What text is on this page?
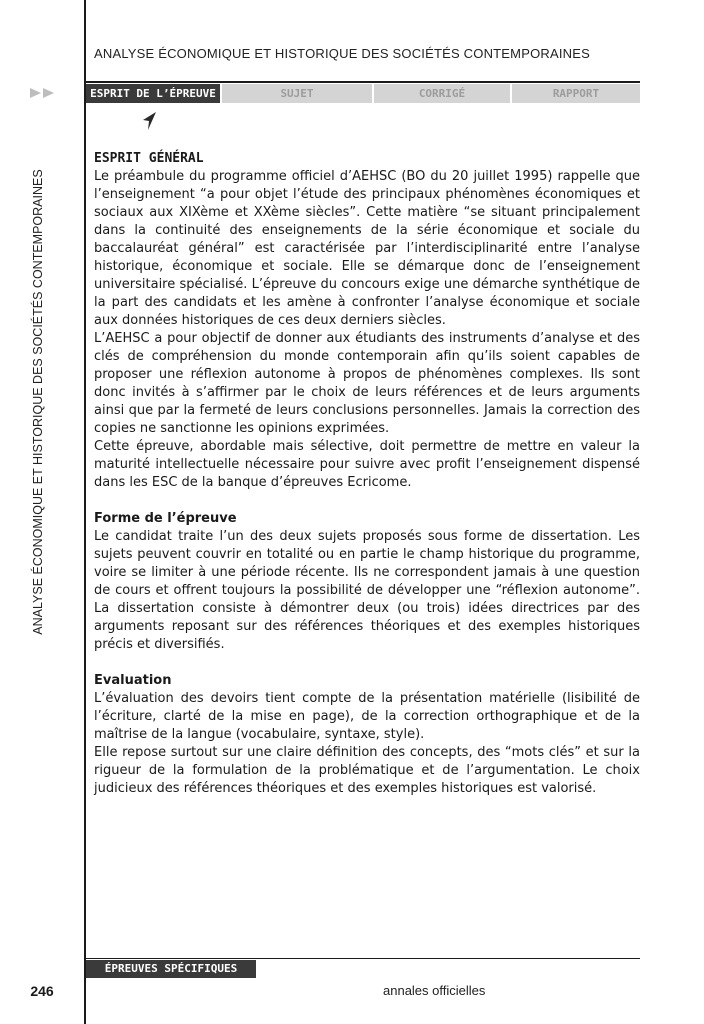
ANALYSE ÉCONOMIQUE ET HISTORIQUE DES SOCIÉTÉS CONTEMPORAINES
ESPRIT DE L’ÉPREUVE	SUJET	CORRIGÉ	RAPPORT
ANALYSE ÉCONOMIQUE ET HISTORIQUE DES SOCIÉTÉS CONTEMPORAINES
ESPRIT GÉNÉRAL

Le préambule du programme officiel d’AEHSC (BO du 20 juillet 1995) rappelle que l’enseignement “a pour objet l’étude des principaux phénomènes économiques et sociaux aux XIXème et XXème siècles”. Cette matière “se situant principalement dans la continuité des enseignements de la série économique et sociale du baccalauréat général” est caractérisée par l’interdisciplinarité entre l’analyse historique, économique et sociale. Elle se démarque donc de l’enseignement universitaire spécialisé. L’épreuve du concours exige une démarche synthétique de la part des candidats et les amène à confronter l’analyse économique et sociale aux données historiques de ces deux derniers siècles.

L’AEHSC a pour objectif de donner aux étudiants des instruments d’analyse et des clés de compréhension du monde contemporain afin qu’ils soient capables de proposer une réflexion autonome à propos de phénomènes complexes. Ils sont donc invités à s’affirmer par le choix de leurs références et de leurs arguments ainsi que par la fermeté de leurs conclusions personnelles. Jamais la correction des copies ne sanctionne les opinions exprimées.

Cette épreuve, abordable mais sélective, doit permettre de mettre en valeur la maturité intellectuelle nécessaire pour suivre avec profit l’enseignement dispensé dans les ESC de la banque d’épreuves Ecricome.

Forme de l’épreuve

Le candidat traite l’un des deux sujets proposés sous forme de dissertation. Les sujets peuvent couvrir en totalité ou en partie le champ historique du programme, voire se limiter à une période récente. Ils ne correspondent jamais à une question de cours et offrent toujours la possibilité de développer une “réflexion autonome”. La dissertation consiste à démontrer deux (ou trois) idées directrices par des arguments reposant sur des références théoriques et des exemples historiques précis et diversifiés.

Evaluation

L’évaluation des devoirs tient compte de la présentation matérielle (lisibilité de l’écriture, clarté de la mise en page), de la correction orthographique et de la maîtrise de la langue (vocabulaire, syntaxe, style).

Elle repose surtout sur une claire définition des concepts, des “mots clés” et sur la rigueur de la formulation de la problématique et de l’argumentation. Le choix judicieux des références théoriques et des exemples historiques est valorisé.

ÉPREUVES SPÉCIFIQUES
246	annales officielles
